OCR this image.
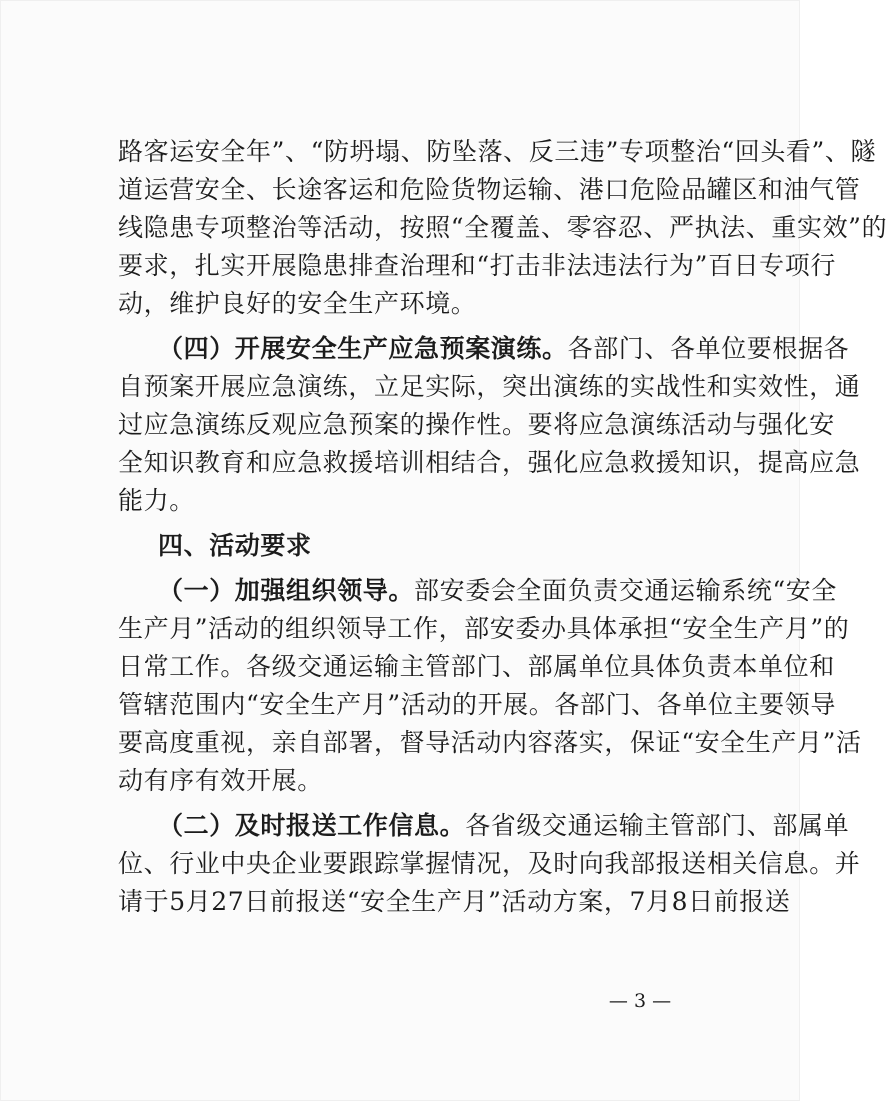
路客运安全年”、“防坍塌、防坠落、反三违”专项整治“回头看”、隧
道运营安全、长途客运和危险货物运输、港口危险品罐区和油气管
线隐患专项整治等活动，按照“全覆盖、零容忍、严执法、重实效”的
要求，扎实开展隐患排查治理和“打击非法违法行为”百日专项行
动，维护良好的安全生产环境。
（四）开展安全生产应急预案演练。各部门、各单位要根据各
自预案开展应急演练，立足实际，突出演练的实战性和实效性，通
过应急演练反观应急预案的操作性。要将应急演练活动与强化安
全知识教育和应急救援培训相结合，强化应急救援知识，提高应急
能力。
四、活动要求
（一）加强组织领导。部安委会全面负责交通运输系统“安全
生产月”活动的组织领导工作，部安委办具体承担“安全生产月”的
日常工作。各级交通运输主管部门、部属单位具体负责本单位和
管辖范围内“安全生产月”活动的开展。各部门、各单位主要领导
要高度重视，亲自部署，督导活动内容落实，保证“安全生产月”活
动有序有效开展。
（二）及时报送工作信息。各省级交通运输主管部门、部属单
位、行业中央企业要跟踪掌握情况，及时向我部报送相关信息。并
请于5月27日前报送“安全生产月”活动方案，7月8日前报送
— 3 —
